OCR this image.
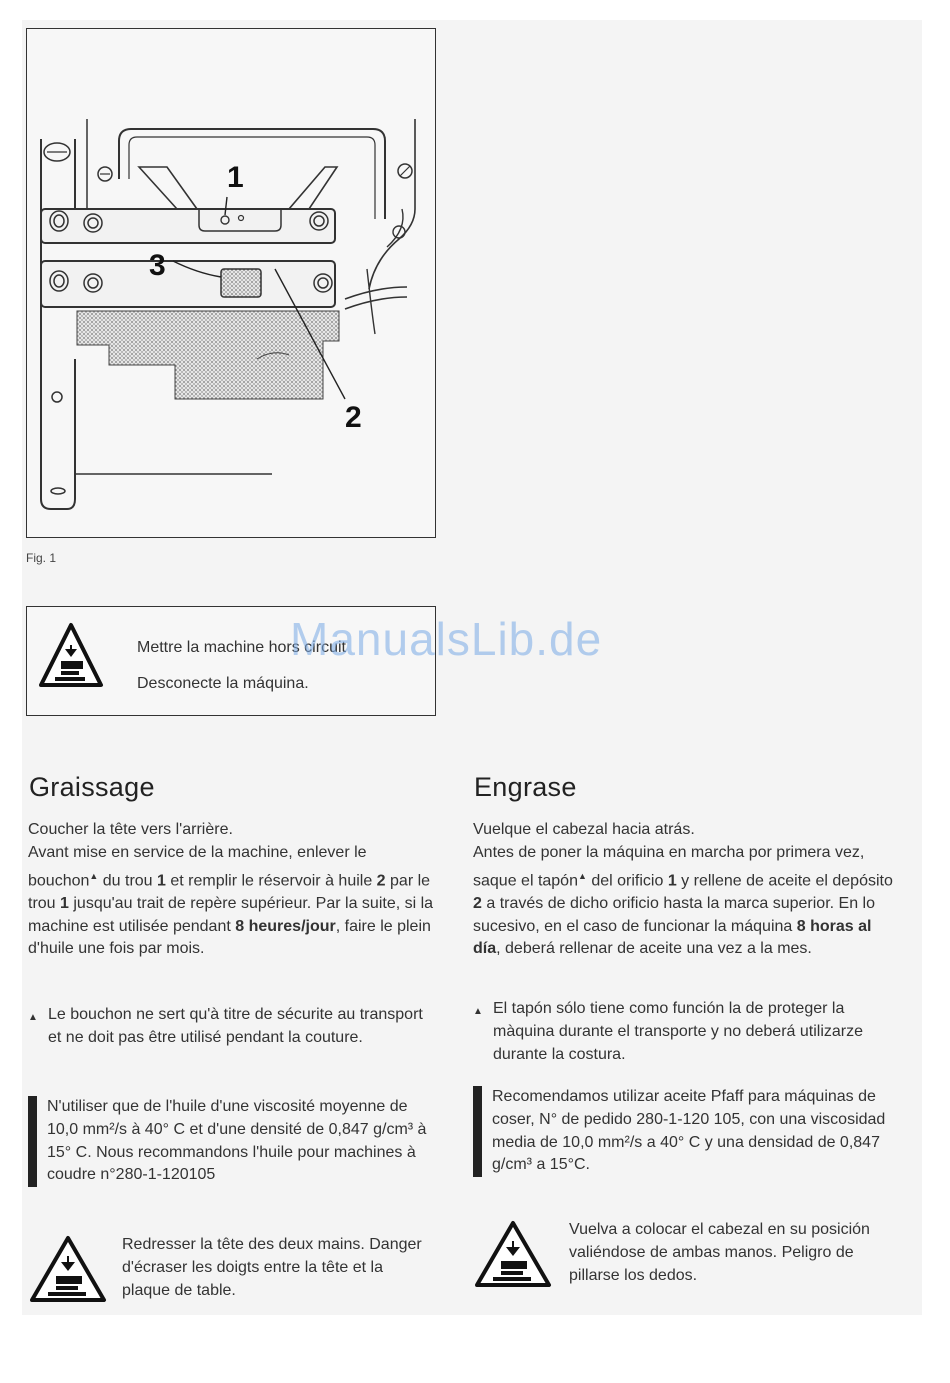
1
2
3
Fig. 1
Mettre la machine hors circuit
Desconecte la máquina.
ManualsLib.de
Graissage

Coucher la tête vers l'arrière.

Avant mise en service de la machine, enlever le bouchon▲ du trou 1 et remplir le réservoir à huile 2 par le trou 1 jusqu'au trait de repère supérieur. Par la suite, si la machine est utilisée pendant 8 heures/jour, faire le plein d'huile une fois par mois.

▲ Le bouchon ne sert qu'à titre de sécurite au transport et ne doit pas être utilisé pendant la couture.
N'utiliser que de l'huile d'une viscosité moyenne de 10,0 mm²/s à 40° C et d'une densité de 0,847 g/cm³ à 15° C. Nous recommandons l'huile pour machines à coudre n°280-1-120105
Redresser la tête des deux mains. Danger d'écraser les doigts entre la tête et la plaque de table.
Engrase

Vuelque el cabezal hacia atrás.

Antes de poner la máquina en marcha por primera vez, saque el tapón▲ del orificio 1 y rellene de aceite el depósito 2 a través de dicho orificio hasta la marca superior. En lo sucesivo, en el caso de funcionar la máquina 8 horas al día, deberá rellenar de aceite una vez a la mes.

▲ El tapón sólo tiene como función la de proteger la màquina durante el transporte y no deberá utilizarze durante la costura.
Recomendamos utilizar aceite Pfaff para máquinas de coser, N° de pedido 280-1-120 105, con una viscosidad media de 10,0 mm²/s a 40° C y una densidad de 0,847 g/cm³ a 15°C.
Vuelva a colocar el cabezal en su posición valiéndose de ambas manos. Peligro de pillarse los dedos.
